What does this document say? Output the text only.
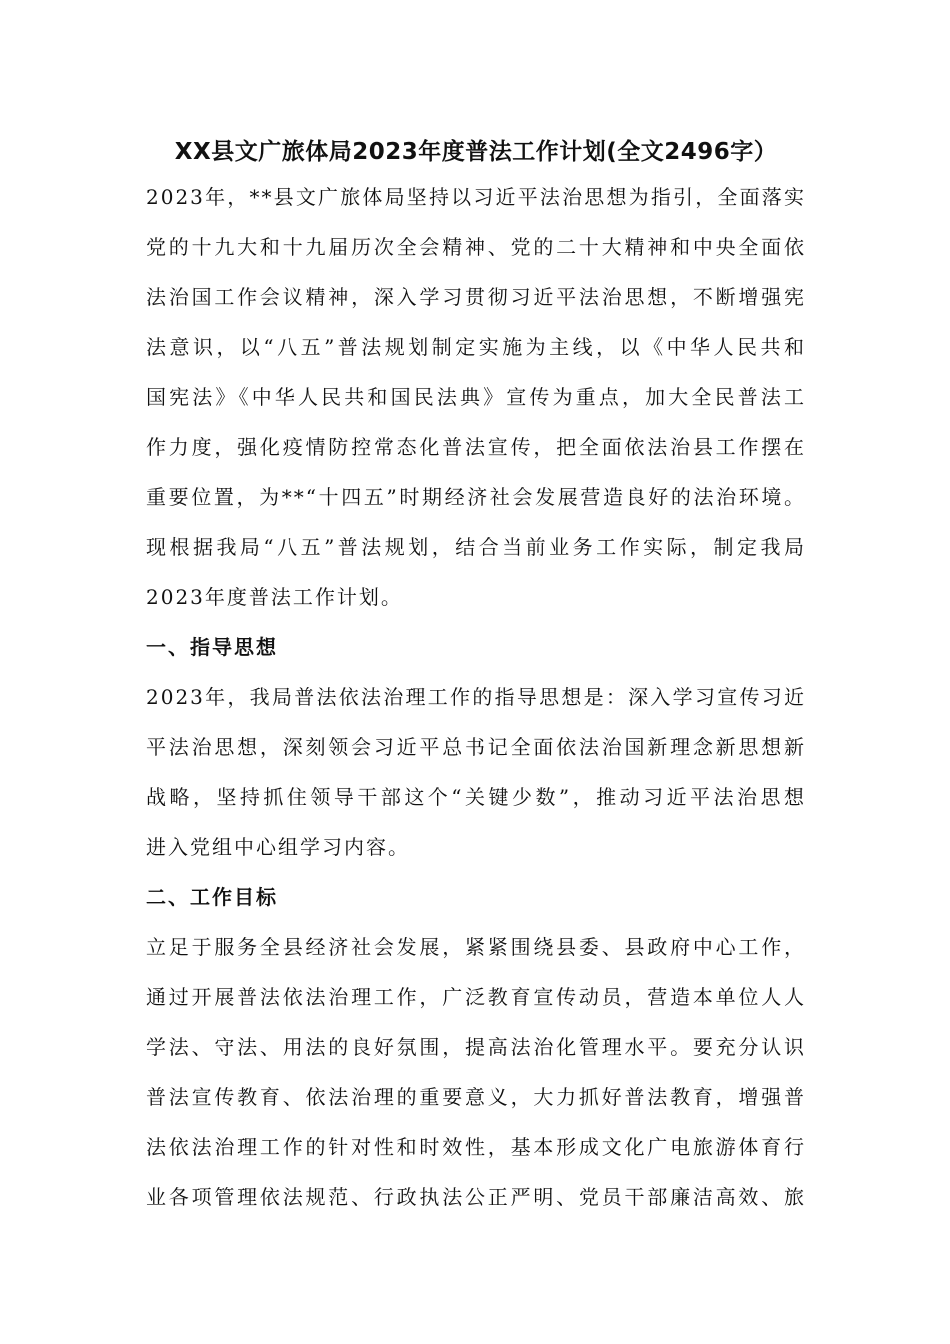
XX县文广旅体局2023年度普法工作计划(全文2496字）
2023年，**县文广旅体局坚持以习近平法治思想为指引，全面落实
党的十九大和十九届历次全会精神、党的二十大精神和中央全面依
法治国工作会议精神，深入学习贯彻习近平法治思想，不断增强宪
法意识，以“八五”普法规划制定实施为主线，以《中华人民共和
国宪法》《中华人民共和国民法典》宣传为重点，加大全民普法工
作力度，强化疫情防控常态化普法宣传，把全面依法治县工作摆在
重要位置，为**“十四五”时期经济社会发展营造良好的法治环境。
现根据我局“八五”普法规划，结合当前业务工作实际，制定我局
2023年度普法工作计划。
一、指导思想
2023年，我局普法依法治理工作的指导思想是：深入学习宣传习近
平法治思想，深刻领会习近平总书记全面依法治国新理念新思想新
战略，坚持抓住领导干部这个“关键少数”，推动习近平法治思想
进入党组中心组学习内容。
二、工作目标
立足于服务全县经济社会发展，紧紧围绕县委、县政府中心工作，
通过开展普法依法治理工作，广泛教育宣传动员，营造本单位人人
学法、守法、用法的良好氛围，提高法治化管理水平。要充分认识
普法宣传教育、依法治理的重要意义，大力抓好普法教育，增强普
法依法治理工作的针对性和时效性，基本形成文化广电旅游体育行
业各项管理依法规范、行政执法公正严明、党员干部廉洁高效、旅
